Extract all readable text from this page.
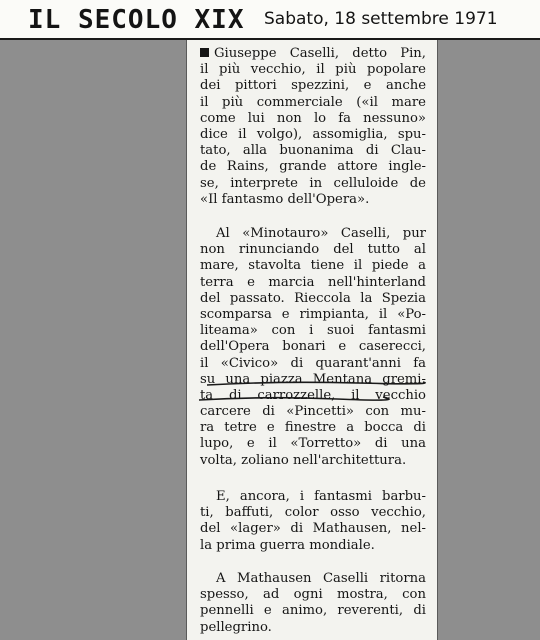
IL SECOLO XIX Sabato, 18 settembre 1971
Giuseppe Caselli, detto Pin,
il più vecchio, il più popolare
dei pittori spezzini, e anche
il più commerciale («il mare
come lui non lo fa nessuno»
dice il volgo), assomiglia, spu-
tato, alla buonanima di Clau-
de Rains, grande attore ingle-
se, interprete in celluloide de
«Il fantasmo dell'Opera».
Al «Minotauro» Caselli, pur
non rinunciando del tutto al
mare, stavolta tiene il piede a
terra e marcia nell'hinterland
del passato. Rieccola la Spezia
scomparsa e rimpianta, il «Po-
liteama» con i suoi fantasmi
dell'Opera bonari e caserecci,
il «Civico» di quarant'anni fa
su una piazza Mentana gremi-
ta di carrozzelle, il vecchio
carcere di «Pincetti» con mu-
ra tetre e finestre a bocca di
lupo, e il «Torretto» di una
volta, zoliano nell'architettura.
E, ancora, i fantasmi barbu-
ti, baffuti, color osso vecchio,
del «lager» di Mathausen, nel-
la prima guerra mondiale.
A Mathausen Caselli ritorna
spesso, ad ogni mostra, con
pennelli e animo, reverenti, di
pellegrino.
